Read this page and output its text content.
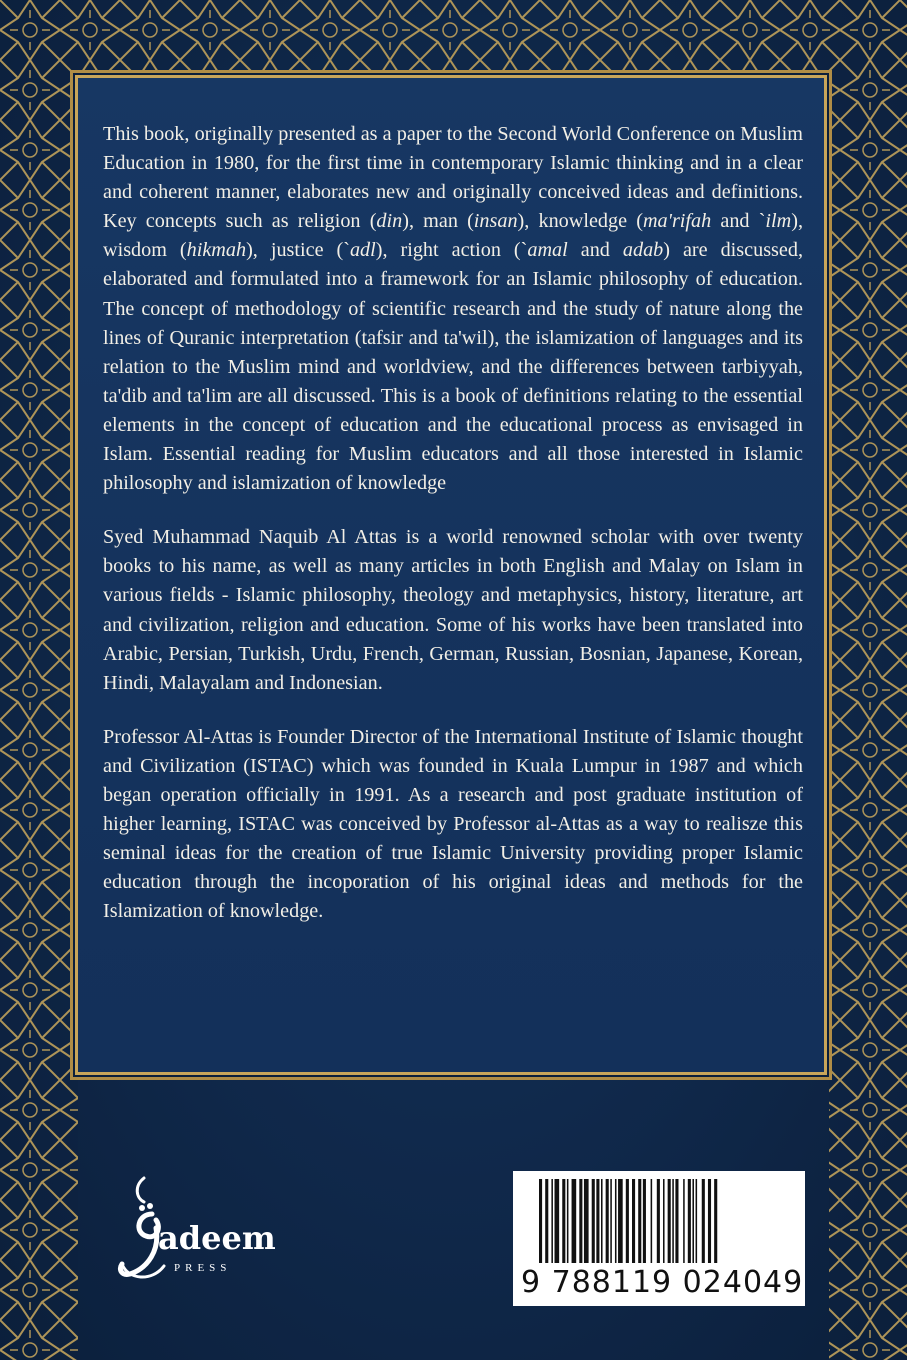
This book, originally presented as a paper to the Second World Conference on Muslim Education in 1980, for the first time in contemporary Islamic thinking and in a clear and coherent manner, elaborates new and originally conceived ideas and definitions. Key concepts such as religion (din), man (insan), knowledge (ma'rifah and `ilm), wisdom (hikmah), justice (`adl), right action (`amal and adab) are discussed, elaborated and formulated into a framework for an Islamic philosophy of education. The concept of methodology of scientific research and the study of nature along the lines of Quranic interpretation (tafsir and ta'wil), the islamization of languages and its relation to the Muslim mind and worldview, and the differences between tarbiyyah, ta'dib and ta'lim are all discussed. This is a book of definitions relating to the essential elements in the concept of education and the educational process as envisaged in Islam. Essential reading for Muslim educators and all those interested in Islamic philosophy and islamization of knowledge

Syed Muhammad Naquib Al Attas is a world renowned scholar with over twenty books to his name, as well as many articles in both English and Malay on Islam in various fields - Islamic philosophy, theology and metaphysics, history, literature, art and civilization, religion and education. Some of his works have been translated into Arabic, Persian, Turkish, Urdu, French, German, Russian, Bosnian, Japanese, Korean, Hindi, Malayalam and Indonesian.

Professor Al-Attas is Founder Director of the International Institute of Islamic thought and Civilization (ISTAC) which was founded in Kuala Lumpur in 1987 and which began operation officially in 1991. As a research and post graduate institution of higher learning, ISTAC was conceived by Professor al-Attas as a way to realisze this seminal ideas for the creation of true Islamic University providing proper Islamic education through the incoporation of his original ideas and methods for the Islamization of knowledge.

adeem
PRESS	9 788119 024049
